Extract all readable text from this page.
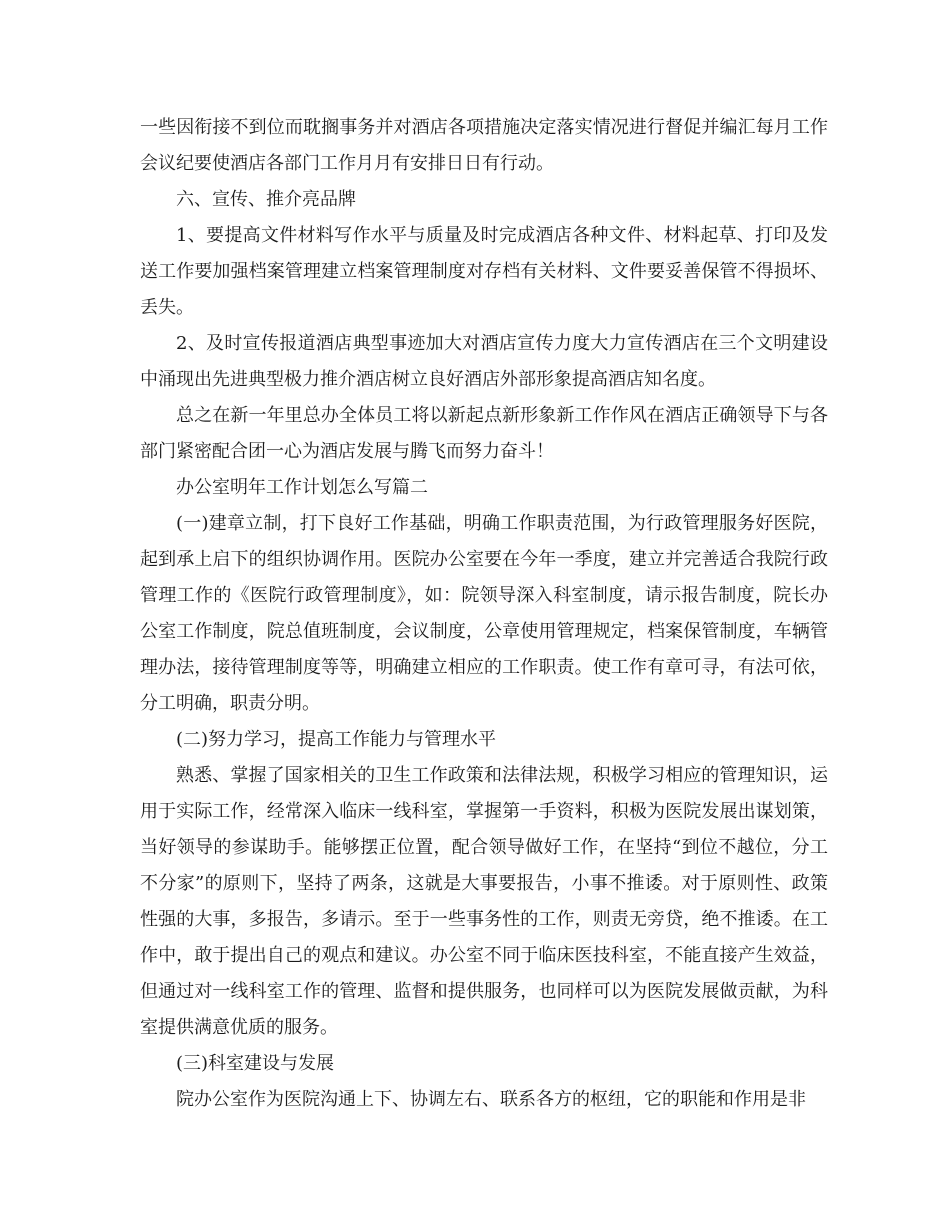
一些因衔接不到位而耽搁事务并对酒店各项措施决定落实情况进行督促并编汇每月工作会议纪要使酒店各部门工作月月有安排日日有行动。

六、宣传、推介亮品牌

1、要提高文件材料写作水平与质量及时完成酒店各种文件、材料起草、打印及发送工作要加强档案管理建立档案管理制度对存档有关材料、文件要妥善保管不得损坏、丢失。

2、及时宣传报道酒店典型事迹加大对酒店宣传力度大力宣传酒店在三个文明建设中涌现出先进典型极力推介酒店树立良好酒店外部形象提高酒店知名度。

总之在新一年里总办全体员工将以新起点新形象新工作作风在酒店正确领导下与各部门紧密配合团一心为酒店发展与腾飞而努力奋斗！

办公室明年工作计划怎么写篇二

(一)建章立制，打下良好工作基础，明确工作职责范围，为行政管理服务好医院，起到承上启下的组织协调作用。医院办公室要在今年一季度，建立并完善适合我院行政管理工作的《医院行政管理制度》，如：院领导深入科室制度，请示报告制度，院长办公室工作制度，院总值班制度，会议制度，公章使用管理规定，档案保管制度，车辆管理办法，接待管理制度等等，明确建立相应的工作职责。使工作有章可寻，有法可依，分工明确，职责分明。

(二)努力学习，提高工作能力与管理水平

熟悉、掌握了国家相关的卫生工作政策和法律法规，积极学习相应的管理知识，运用于实际工作，经常深入临床一线科室，掌握第一手资料，积极为医院发展出谋划策，当好领导的参谋助手。能够摆正位置，配合领导做好工作，在坚持“到位不越位，分工不分家”的原则下，坚持了两条，这就是大事要报告，小事不推诿。对于原则性、政策性强的大事，多报告，多请示。至于一些事务性的工作，则责无旁贷，绝不推诿。在工作中，敢于提出自己的观点和建议。办公室不同于临床医技科室，不能直接产生效益，但通过对一线科室工作的管理、监督和提供服务，也同样可以为医院发展做贡献，为科室提供满意优质的服务。

(三)科室建设与发展

院办公室作为医院沟通上下、协调左右、联系各方的枢纽，它的职能和作用是非
